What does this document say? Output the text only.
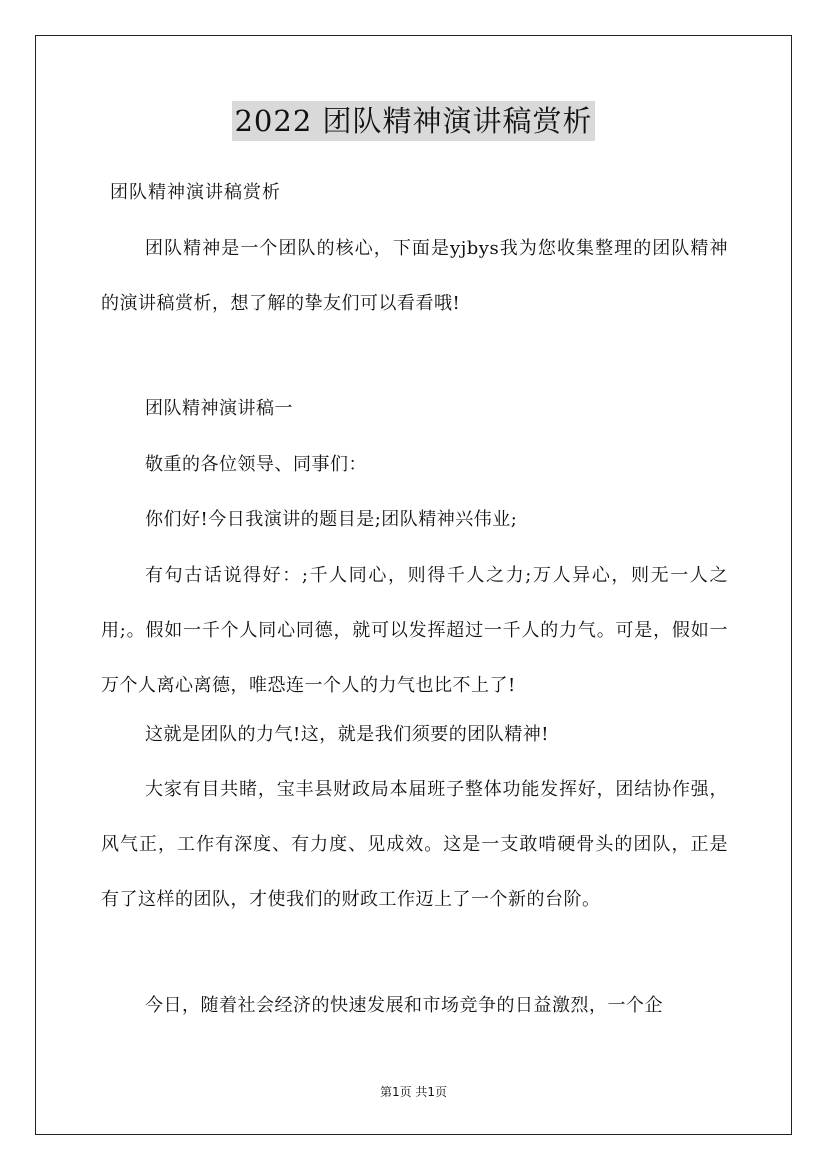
2022 团队精神演讲稿赏析
团队精神演讲稿赏析
团队精神是一个团队的核心，下面是yjbys我为您收集整理的团队精神的演讲稿赏析，想了解的挚友们可以看看哦!
团队精神演讲稿一
敬重的各位领导、同事们：
你们好!今日我演讲的题目是;团队精神兴伟业;
有句古话说得好：;千人同心，则得千人之力;万人异心，则无一人之用;。假如一千个人同心同德，就可以发挥超过一千人的力气。可是，假如一万个人离心离德，唯恐连一个人的力气也比不上了!
这就是团队的力气!这，就是我们须要的团队精神!
大家有目共睹，宝丰县财政局本届班子整体功能发挥好，团结协作强，风气正，工作有深度、有力度、见成效。这是一支敢啃硬骨头的团队，正是有了这样的团队，才使我们的财政工作迈上了一个新的台阶。
今日，随着社会经济的快速发展和市场竞争的日益激烈，一个企
第1页 共1页
